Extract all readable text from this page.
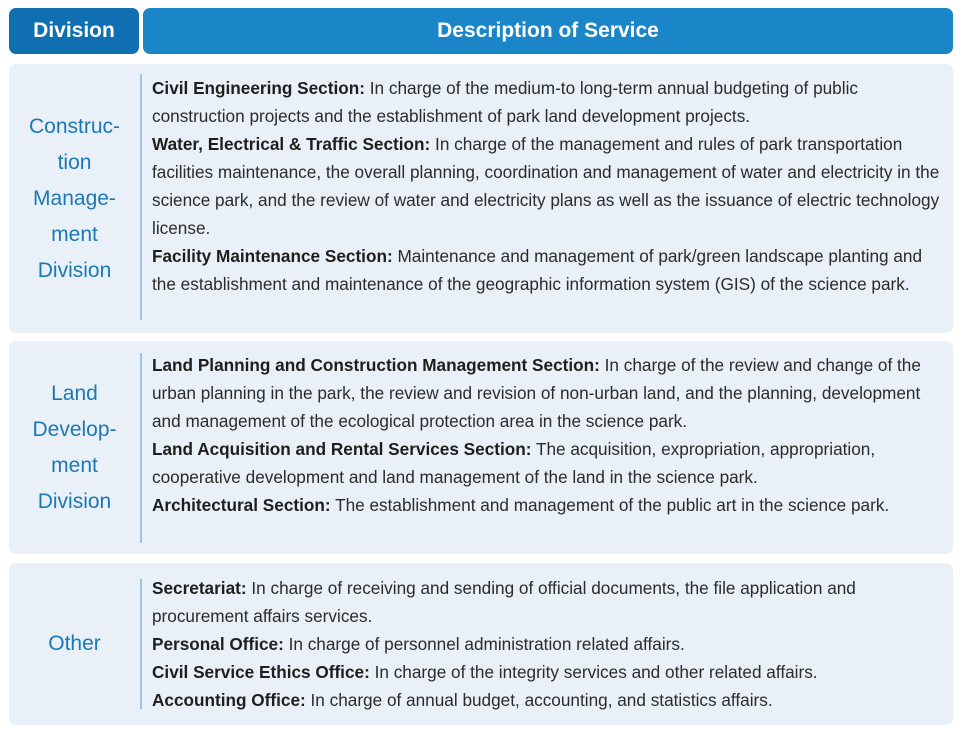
Division	Description of Service
Construc-
tion
Manage-
ment
Division
Civil Engineering Section: In charge of the medium-to long-term annual budgeting of public construction projects and the establishment of park land development projects.
Water, Electrical & Traffic Section: In charge of the management and rules of park transportation facilities maintenance, the overall planning, coordination and management of water and electricity in the science park, and the review of water and electricity plans as well as the issuance of electric technology license.
Facility Maintenance Section: Maintenance and management of park/green landscape planting and the establishment and maintenance of the geographic information system (GIS) of the science park.
Land
Develop-
ment
Division
Land Planning and Construction Management Section: In charge of the review and change of the urban planning in the park, the review and revision of non-urban land, and the planning, development and management of the ecological protection area in the science park.
Land Acquisition and Rental Services Section: The acquisition, expropriation, appropriation, cooperative development and land management of the land in the science park.
Architectural Section: The establishment and management of the public art in the science park.
Other
Secretariat: In charge of receiving and sending of official documents, the file application and procurement affairs services.
Personal Office: In charge of personnel administration related affairs.
Civil Service Ethics Office: In charge of the integrity services and other related affairs.
Accounting Office: In charge of annual budget, accounting, and statistics affairs.
